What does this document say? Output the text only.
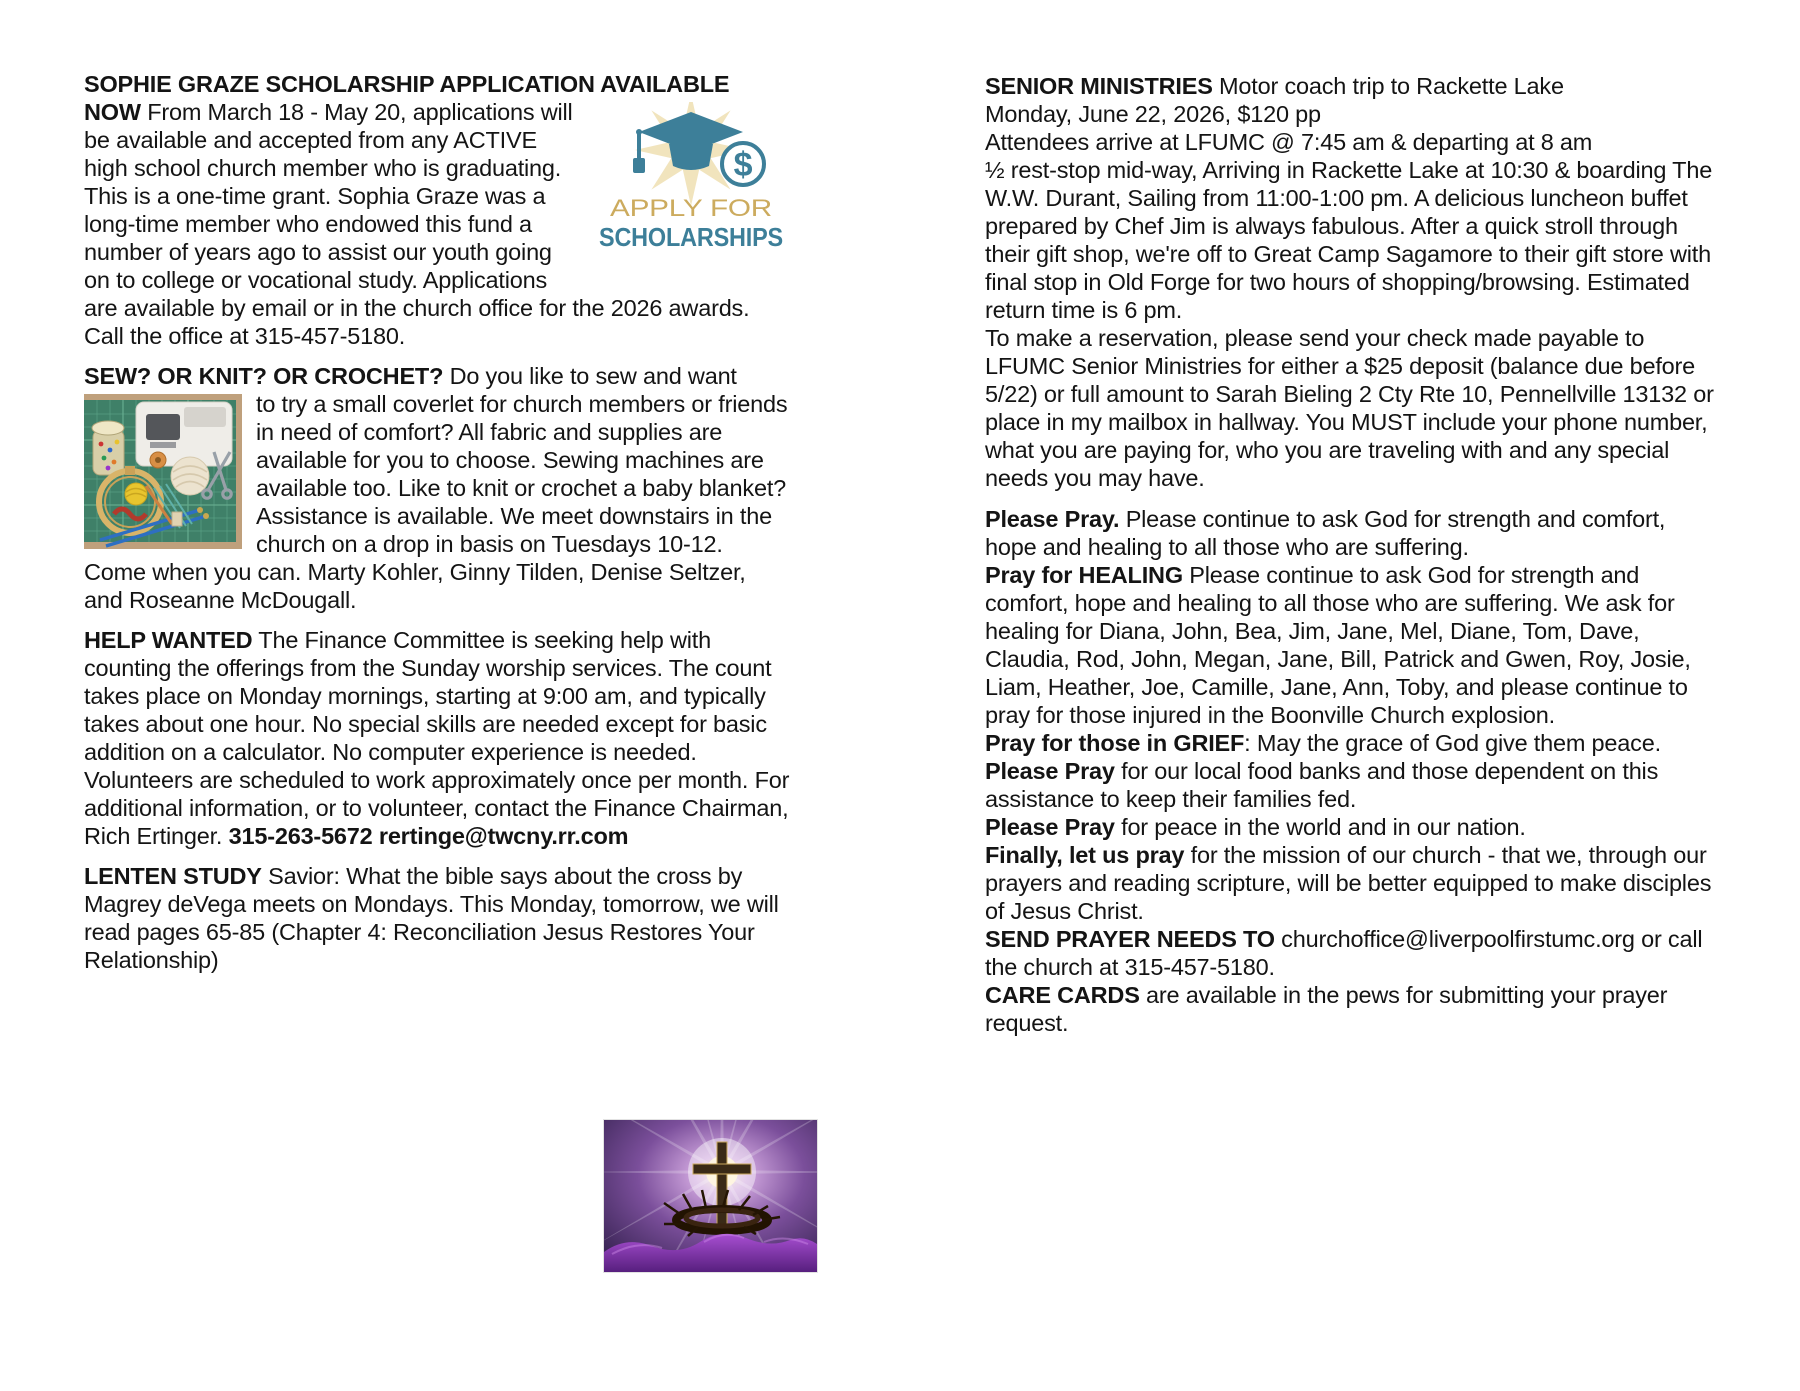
SOPHIE GRAZE SCHOLARSHIP APPLICATION AVAILABLE NOW
$
APPLY FOR
SCHOLARSHIPS
From March 18 - May 20, applications will be available and accepted from any ACTIVE high school church member who is graduating. This is a one-time grant. Sophia Graze was a long-time member who endowed this fund a number of years ago to assist our youth going on to college or vocational study. Applications are available by email or in the church office for the 2026 awards. Call the office at 315-457-5180.

SEW? OR KNIT? OR CROCHET? Do you like to sew and want

to try a small coverlet for church members or friends in need of comfort? All fabric and supplies are available for you to choose. Sewing machines are available too. Like to knit or crochet a baby blanket? Assistance is available. We meet downstairs in the church on a drop in basis on Tuesdays 10-12. Come when you can. Marty Kohler, Ginny Tilden, Denise Seltzer, and Roseanne McDougall.

HELP WANTED The Finance Committee is seeking help with counting the offerings from the Sunday worship services. The count takes place on Monday mornings, starting at 9:00 am, and typically takes about one hour. No special skills are needed except for basic addition on a calculator. No computer experience is needed. Volunteers are scheduled to work approximately once per month. For additional information, or to volunteer, contact the Finance Chairman, Rich Ertinger. 315-263-5672 rertinge@twcny.rr.com

LENTEN STUDY Savior: What the bible says about the cross by Magrey deVega meets on Mondays. This Monday, tomorrow, we will read pages 65-85 (Chapter 4: Reconciliation Jesus Restores Your Relationship)

SENIOR MINISTRIES Motor coach trip to Rackette Lake
Monday, June 22, 2026, $120 pp
Attendees arrive at LFUMC @ 7:45 am & departing at 8 am
½ rest-stop mid-way, Arriving in Rackette Lake at 10:30 & boarding The W.W. Durant, Sailing from 11:00-1:00 pm. A delicious luncheon buffet prepared by Chef Jim is always fabulous. After a quick stroll through their gift shop, we're off to Great Camp Sagamore to their gift store with final stop in Old Forge for two hours of shopping/browsing. Estimated return time is 6 pm.
To make a reservation, please send your check made payable to LFUMC Senior Ministries for either a $25 deposit (balance due before 5/22) or full amount to Sarah Bieling 2 Cty Rte 10, Pennellville 13132 or place in my mailbox in hallway. You MUST include your phone number, what you are paying for, who you are traveling with and any special needs you may have.
Please Pray. Please continue to ask God for strength and comfort, hope and healing to all those who are suffering.
Pray for HEALING Please continue to ask God for strength and comfort, hope and healing to all those who are suffering. We ask for healing for Diana, John, Bea, Jim, Jane, Mel, Diane, Tom, Dave, Claudia, Rod, John, Megan, Jane, Bill, Patrick and Gwen, Roy, Josie, Liam, Heather, Joe, Camille, Jane, Ann, Toby, and please continue to pray for those injured in the Boonville Church explosion.
Pray for those in GRIEF: May the grace of God give them peace.
Please Pray for our local food banks and those dependent on this assistance to keep their families fed.
Please Pray for peace in the world and in our nation.
Finally, let us pray for the mission of our church - that we, through our prayers and reading scripture, will be better equipped to make disciples of Jesus Christ.
SEND PRAYER NEEDS TO churchoffice@liverpoolfirstumc.org or call the church at 315-457-5180.
CARE CARDS are available in the pews for submitting your prayer request.
